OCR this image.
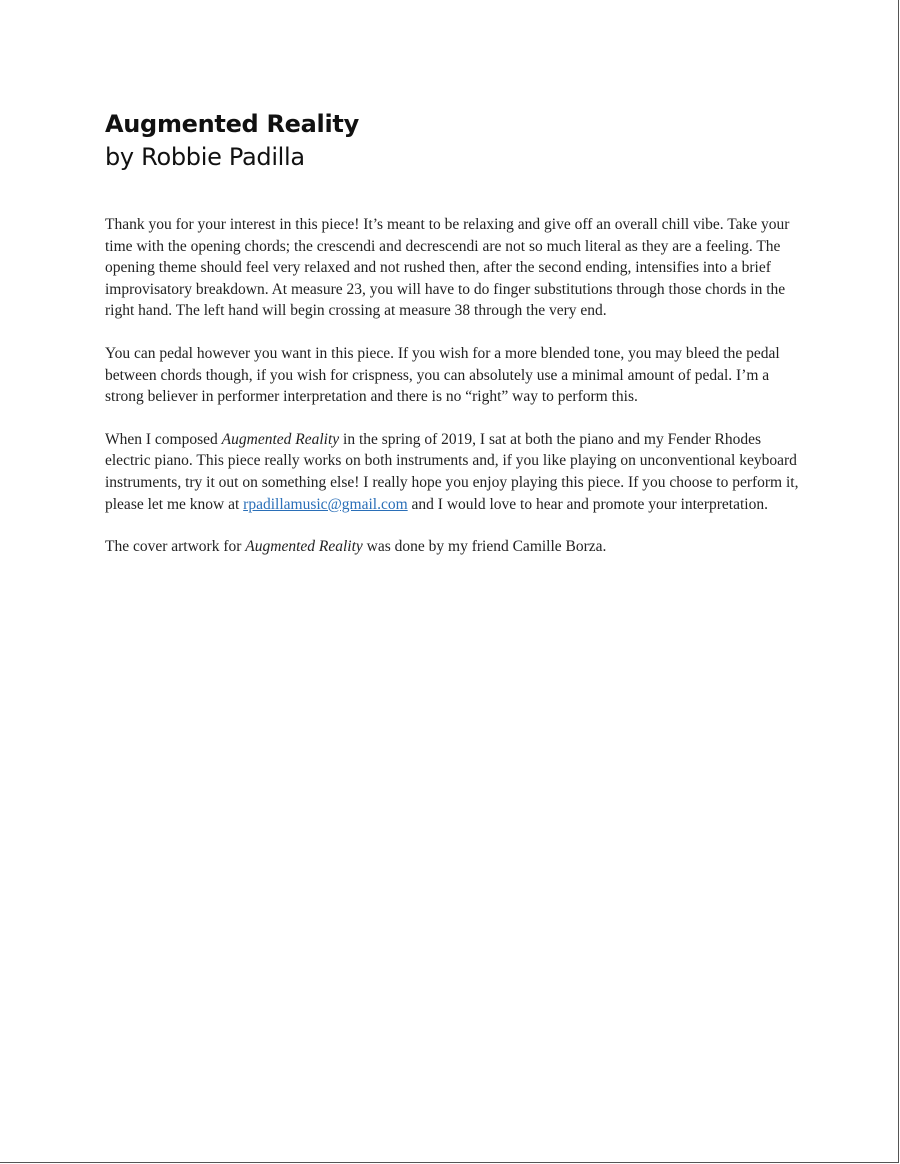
Augmented Reality
by Robbie Padilla

Thank you for your interest in this piece! It’s meant to be relaxing and give off an overall chill vibe. Take your time with the opening chords; the crescendi and decrescendi are not so much literal as they are a feeling. The opening theme should feel very relaxed and not rushed then, after the second ending, intensifies into a brief improvisatory breakdown. At measure 23, you will have to do finger substitutions through those chords in the right hand. The left hand will begin crossing at measure 38 through the very end.

You can pedal however you want in this piece. If you wish for a more blended tone, you may bleed the pedal between chords though, if you wish for crispness, you can absolutely use a minimal amount of pedal. I’m a strong believer in performer interpretation and there is no “right” way to perform this.

When I composed Augmented Reality in the spring of 2019, I sat at both the piano and my Fender Rhodes electric piano. This piece really works on both instruments and, if you like playing on unconventional keyboard instruments, try it out on something else! I really hope you enjoy playing this piece. If you choose to perform it, please let me know at rpadillamusic@gmail.com and I would love to hear and promote your interpretation.

The cover artwork for Augmented Reality was done by my friend Camille Borza.
